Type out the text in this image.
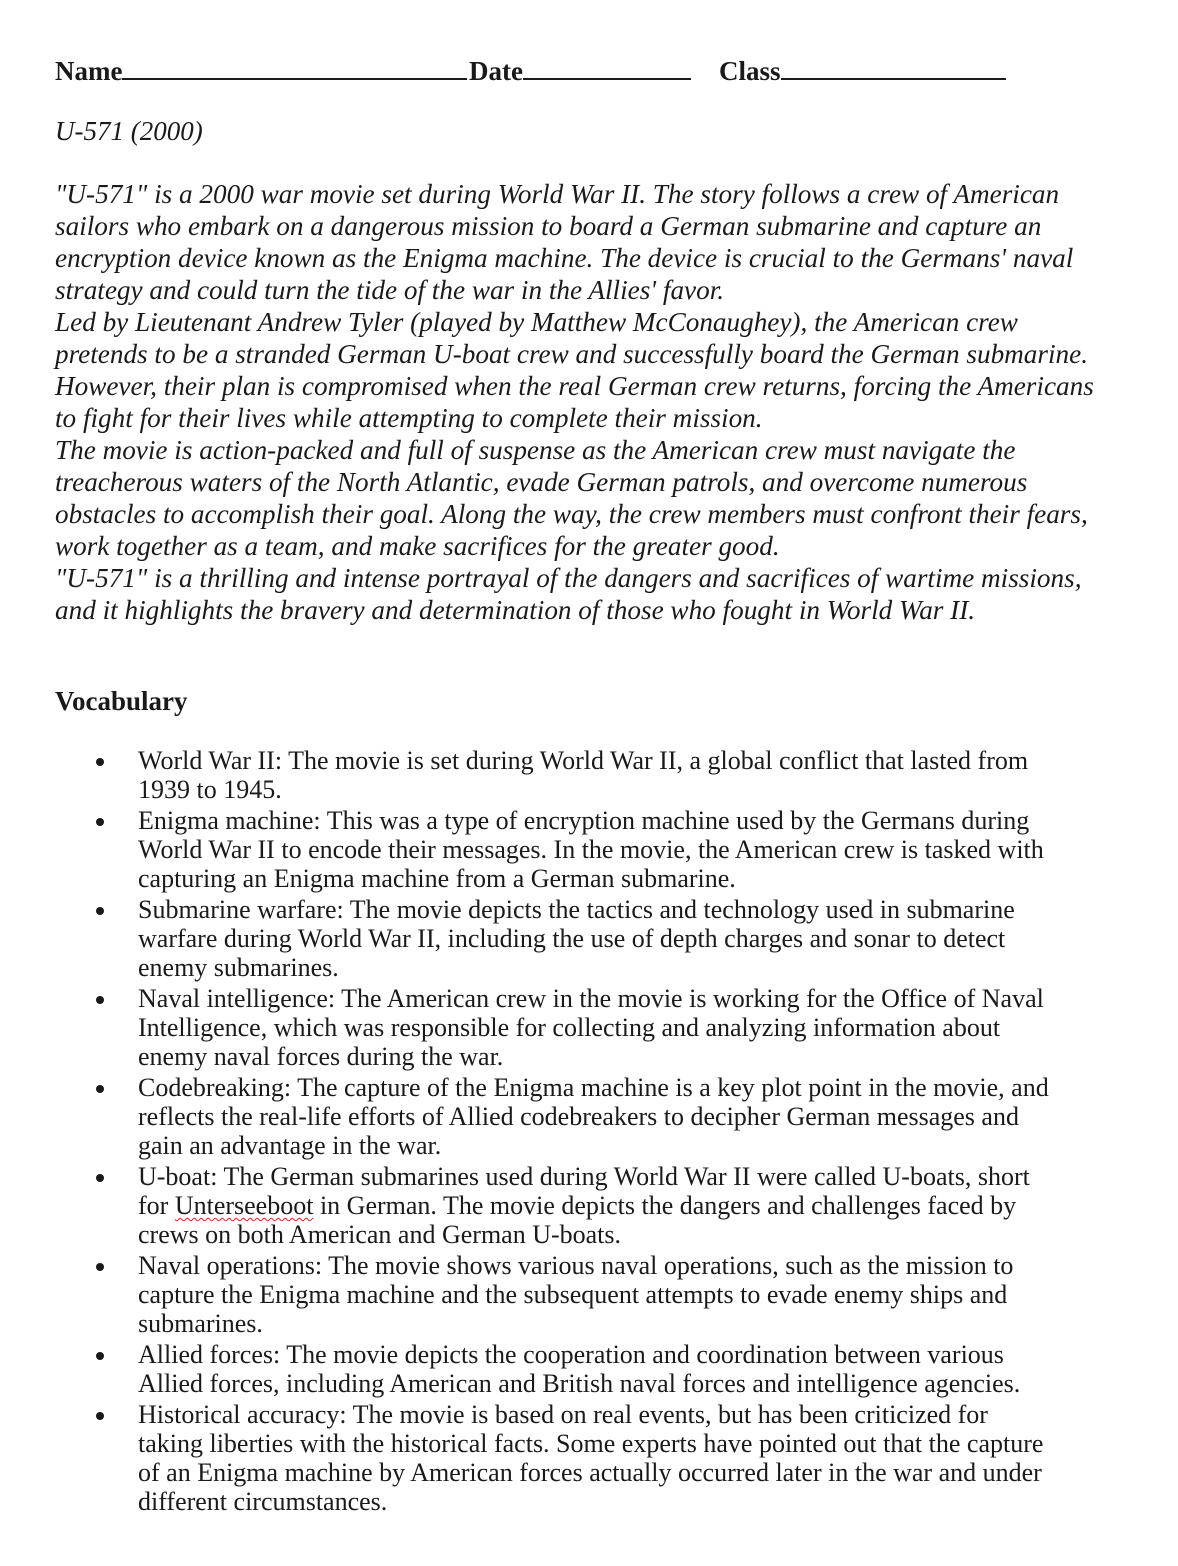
Name	Date	Class
U-571 (2000)

"U-571" is a 2000 war movie set during World War II. The story follows a crew of American sailors who embark on a dangerous mission to board a German submarine and capture an encryption device known as the Enigma machine. The device is crucial to the Germans' naval strategy and could turn the tide of the war in the Allies' favor.

Led by Lieutenant Andrew Tyler (played by Matthew McConaughey), the American crew pretends to be a stranded German U-boat crew and successfully board the German submarine. However, their plan is compromised when the real German crew returns, forcing the Americans to fight for their lives while attempting to complete their mission.

The movie is action-packed and full of suspense as the American crew must navigate the treacherous waters of the North Atlantic, evade German patrols, and overcome numerous obstacles to accomplish their goal. Along the way, the crew members must confront their fears, work together as a team, and make sacrifices for the greater good.

"U-571" is a thrilling and intense portrayal of the dangers and sacrifices of wartime missions, and it highlights the bravery and determination of those who fought in World War II.

Vocabulary
World War II: The movie is set during World War II, a global conflict that lasted from 1939 to 1945.
Enigma machine: This was a type of encryption machine used by the Germans during World War II to encode their messages. In the movie, the American crew is tasked with capturing an Enigma machine from a German submarine.
Submarine warfare: The movie depicts the tactics and technology used in submarine warfare during World War II, including the use of depth charges and sonar to detect enemy submarines.
Naval intelligence: The American crew in the movie is working for the Office of Naval Intelligence, which was responsible for collecting and analyzing information about enemy naval forces during the war.
Codebreaking: The capture of the Enigma machine is a key plot point in the movie, and reflects the real-life efforts of Allied codebreakers to decipher German messages and gain an advantage in the war.
U-boat: The German submarines used during World War II were called U-boats, short for Unterseeboot in German. The movie depicts the dangers and challenges faced by crews on both American and German U-boats.
Naval operations: The movie shows various naval operations, such as the mission to capture the Enigma machine and the subsequent attempts to evade enemy ships and submarines.
Allied forces: The movie depicts the cooperation and coordination between various Allied forces, including American and British naval forces and intelligence agencies.
Historical accuracy: The movie is based on real events, but has been criticized for taking liberties with the historical facts. Some experts have pointed out that the capture of an Enigma machine by American forces actually occurred later in the war and under different circumstances.
